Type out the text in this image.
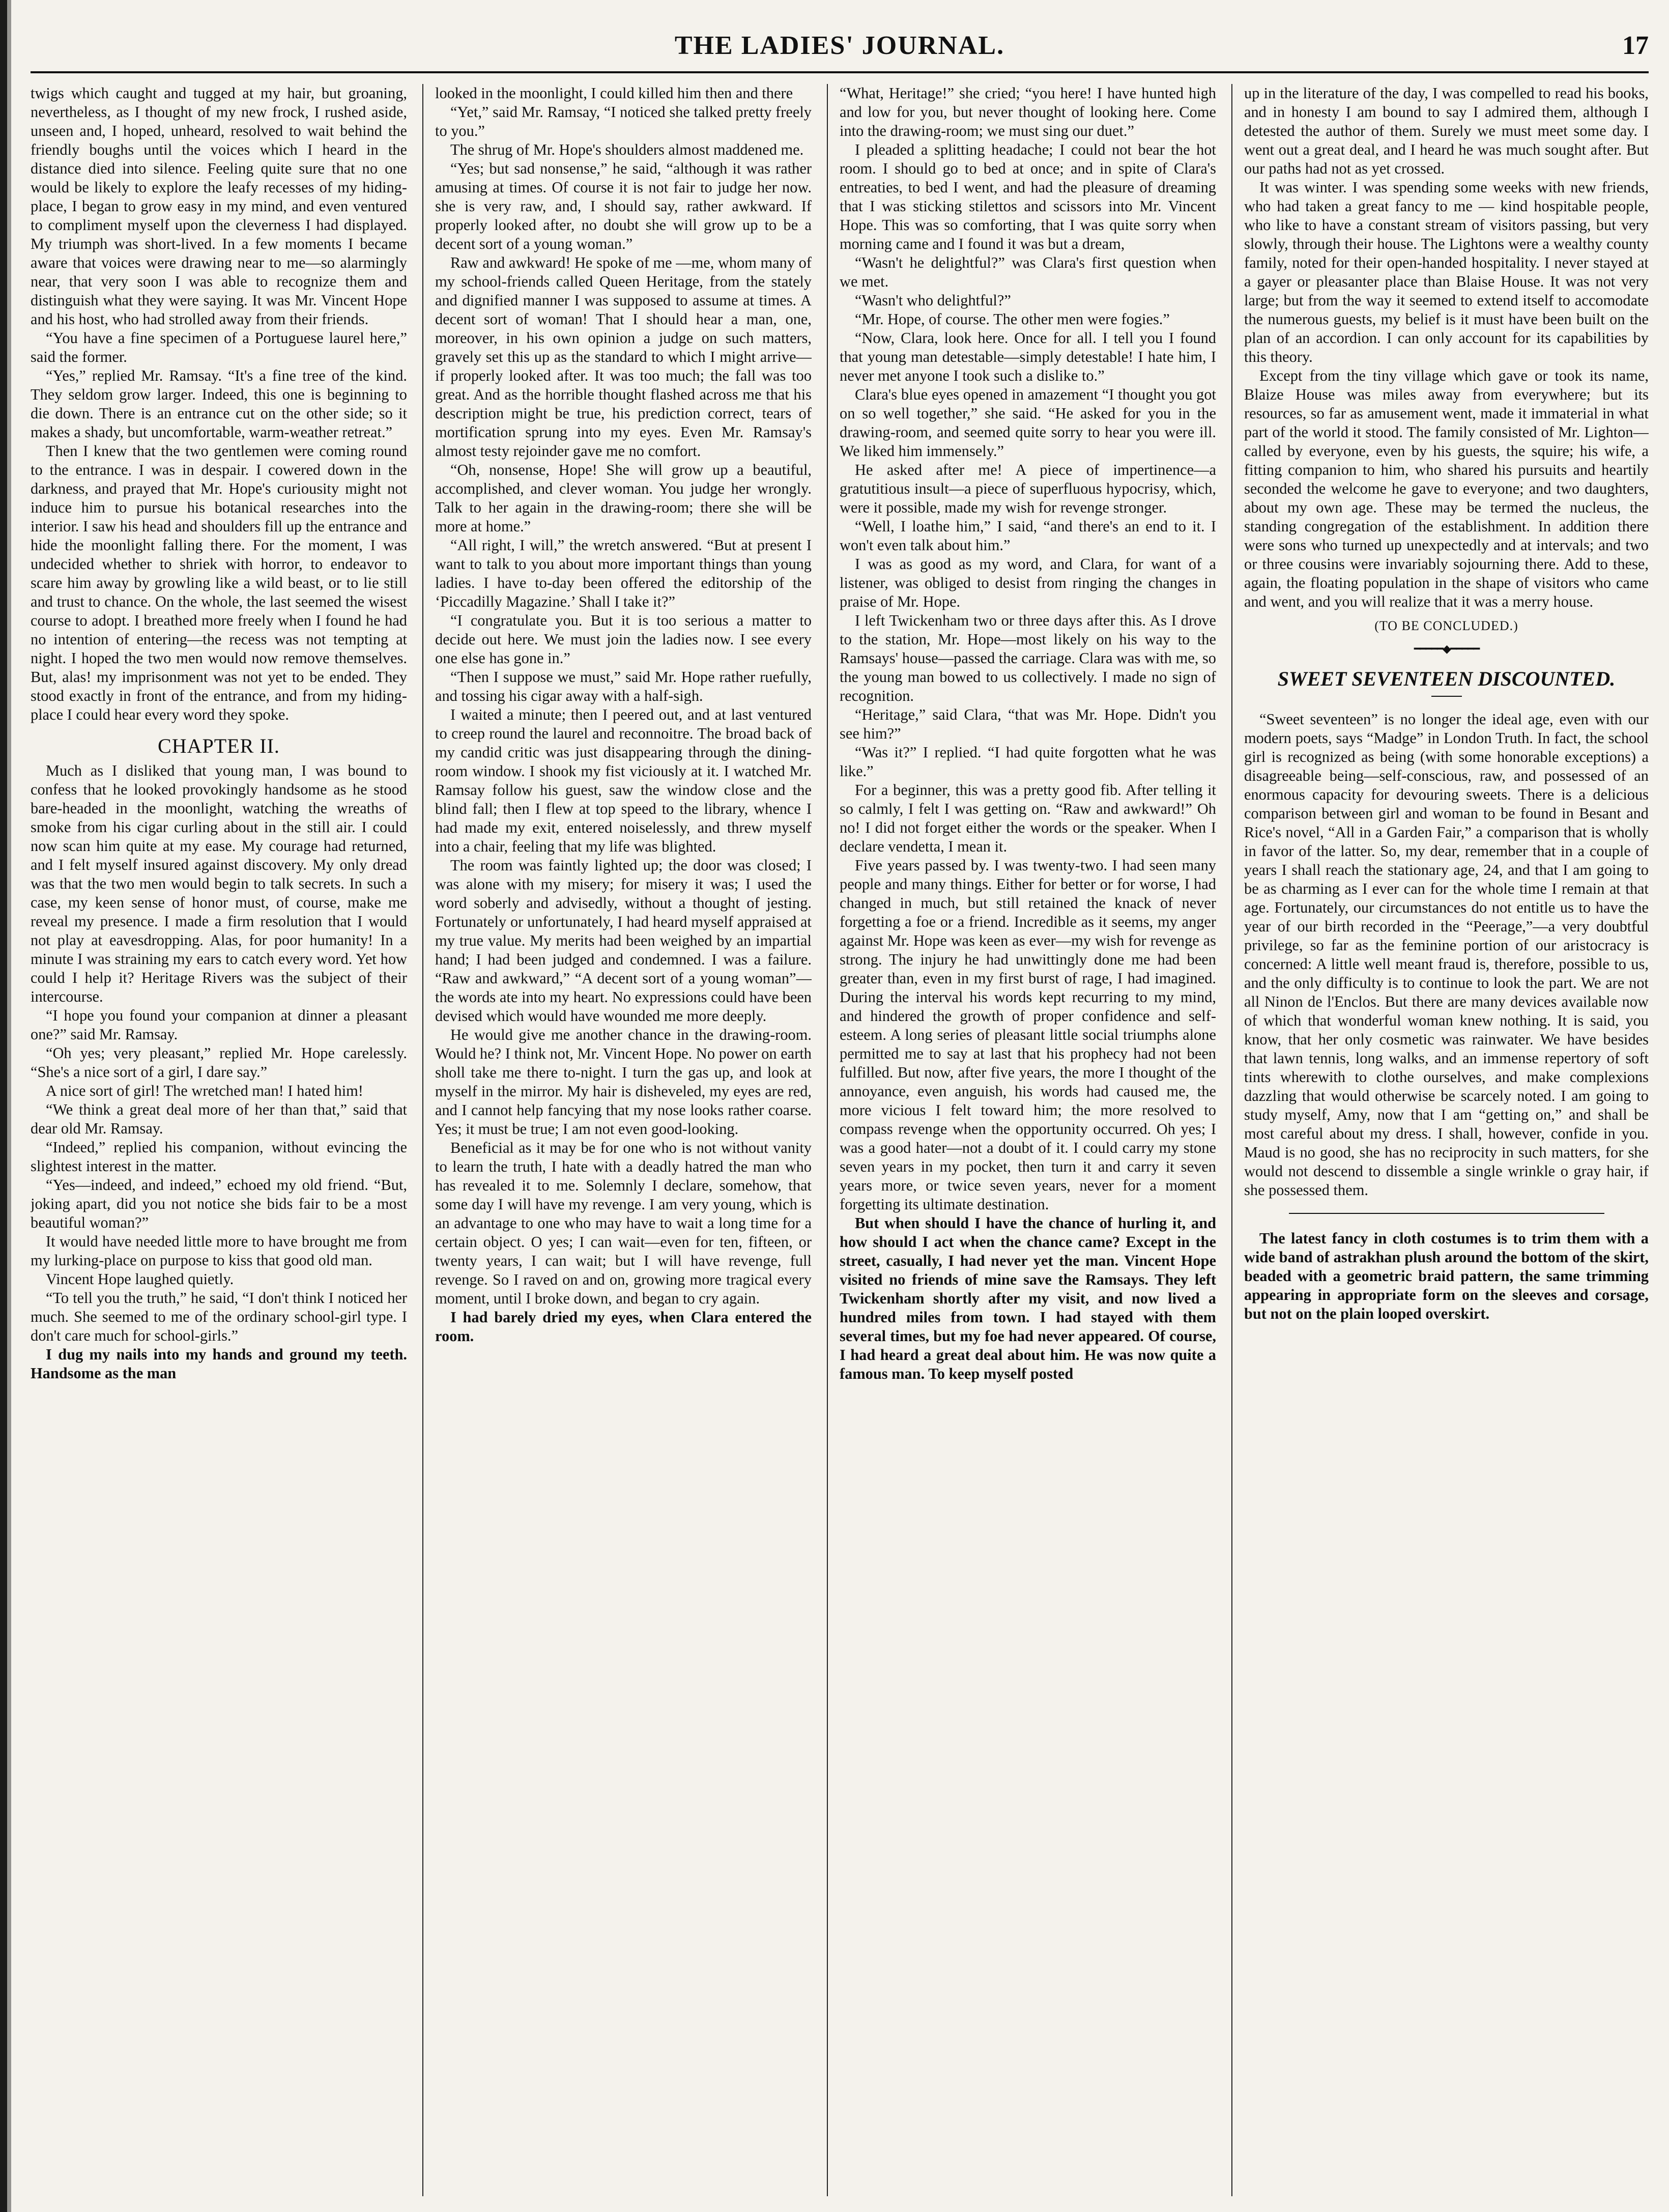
THE LADIES' JOURNAL.	17

twigs which caught and tugged at my hair, but groaning, nevertheless, as I thought of my new frock, I rushed aside, unseen and, I hoped, unheard, resolved to wait behind the friendly boughs until the voices which I heard in the distance died into silence. Feeling quite sure that no one would be likely to explore the leafy recesses of my hiding-place, I began to grow easy in my mind, and even ventured to compliment myself upon the cleverness I had displayed. My triumph was short-lived. In a few moments I became aware that voices were drawing near to me—so alarmingly near, that very soon I was able to recognize them and distinguish what they were saying. It was Mr. Vincent Hope and his host, who had strolled away from their friends.

“You have a fine specimen of a Portuguese laurel here,” said the former.

“Yes,” replied Mr. Ramsay. “It's a fine tree of the kind. They seldom grow larger. Indeed, this one is beginning to die down. There is an entrance cut on the other side; so it makes a shady, but uncomfortable, warm-weather retreat.”

Then I knew that the two gentlemen were coming round to the entrance. I was in despair. I cowered down in the darkness, and prayed that Mr. Hope's curiousity might not induce him to pursue his botanical researches into the interior. I saw his head and shoulders fill up the entrance and hide the moonlight falling there. For the moment, I was undecided whether to shriek with horror, to endeavor to scare him away by growling like a wild beast, or to lie still and trust to chance. On the whole, the last seemed the wisest course to adopt. I breathed more freely when I found he had no intention of entering—the recess was not tempting at night. I hoped the two men would now remove themselves. But, alas! my imprisonment was not yet to be ended. They stood exactly in front of the entrance, and from my hiding-place I could hear every word they spoke.

CHAPTER II.

Much as I disliked that young man, I was bound to confess that he looked provokingly handsome as he stood bare-headed in the moonlight, watching the wreaths of smoke from his cigar curling about in the still air. I could now scan him quite at my ease. My courage had returned, and I felt myself insured against discovery. My only dread was that the two men would begin to talk secrets. In such a case, my keen sense of honor must, of course, make me reveal my presence. I made a firm resolution that I would not play at eavesdropping. Alas, for poor humanity! In a minute I was straining my ears to catch every word. Yet how could I help it? Heritage Rivers was the subject of their intercourse.

“I hope you found your companion at dinner a pleasant one?” said Mr. Ramsay.

“Oh yes; very pleasant,” replied Mr. Hope carelessly. “She's a nice sort of a girl, I dare say.”

A nice sort of girl! The wretched man! I hated him!

“We think a great deal more of her than that,” said that dear old Mr. Ramsay.

“Indeed,” replied his companion, without evincing the slightest interest in the matter.

“Yes—indeed, and indeed,” echoed my old friend. “But, joking apart, did you not notice she bids fair to be a most beautiful woman?”

It would have needed little more to have brought me from my lurking-place on purpose to kiss that good old man.

Vincent Hope laughed quietly.

“To tell you the truth,” he said, “I don't think I noticed her much. She seemed to me of the ordinary school-girl type. I don't care much for school-girls.”

I dug my nails into my hands and ground my teeth. Handsome as the man

looked in the moonlight, I could killed him then and there

“Yet,” said Mr. Ramsay, “I noticed she talked pretty freely to you.”

The shrug of Mr. Hope's shoulders almost maddened me.

“Yes; but sad nonsense,” he said, “although it was rather amusing at times. Of course it is not fair to judge her now. she is very raw, and, I should say, rather awkward. If properly looked after, no doubt she will grow up to be a decent sort of a young woman.”

Raw and awkward! He spoke of me —me, whom many of my school-friends called Queen Heritage, from the stately and dignified manner I was supposed to assume at times. A decent sort of woman! That I should hear a man, one, moreover, in his own opinion a judge on such matters, gravely set this up as the standard to which I might arrive—if properly looked after. It was too much; the fall was too great. And as the horrible thought flashed across me that his description might be true, his prediction correct, tears of mortification sprung into my eyes. Even Mr. Ramsay's almost testy rejoinder gave me no comfort.

“Oh, nonsense, Hope! She will grow up a beautiful, accomplished, and clever woman. You judge her wrongly. Talk to her again in the drawing-room; there she will be more at home.”

“All right, I will,” the wretch answered. “But at present I want to talk to you about more important things than young ladies. I have to-day been offered the editorship of the ‘Piccadilly Magazine.’ Shall I take it?”

“I congratulate you. But it is too serious a matter to decide out here. We must join the ladies now. I see every one else has gone in.”

“Then I suppose we must,” said Mr. Hope rather ruefully, and tossing his cigar away with a half-sigh.

I waited a minute; then I peered out, and at last ventured to creep round the laurel and reconnoitre. The broad back of my candid critic was just disappearing through the dining-room window. I shook my fist viciously at it. I watched Mr. Ramsay follow his guest, saw the window close and the blind fall; then I flew at top speed to the library, whence I had made my exit, entered noiselessly, and threw myself into a chair, feeling that my life was blighted.

The room was faintly lighted up; the door was closed; I was alone with my misery; for misery it was; I used the word soberly and advisedly, without a thought of jesting. Fortunately or unfortunately, I had heard myself appraised at my true value. My merits had been weighed by an impartial hand; I had been judged and condemned. I was a failure. “Raw and awkward,” “A decent sort of a young woman”—the words ate into my heart. No expressions could have been devised which would have wounded me more deeply.

He would give me another chance in the drawing-room. Would he? I think not, Mr. Vincent Hope. No power on earth sholl take me there to-night. I turn the gas up, and look at myself in the mirror. My hair is disheveled, my eyes are red, and I cannot help fancying that my nose looks rather coarse. Yes; it must be true; I am not even good-looking.

Beneficial as it may be for one who is not without vanity to learn the truth, I hate with a deadly hatred the man who has revealed it to me. Solemnly I declare, somehow, that some day I will have my revenge. I am very young, which is an advantage to one who may have to wait a long time for a certain object. O yes; I can wait—even for ten, fifteen, or twenty years, I can wait; but I will have revenge, full revenge. So I raved on and on, growing more tragical every moment, until I broke down, and began to cry again.

I had barely dried my eyes, when Clara entered the room.

“What, Heritage!” she cried; “you here! I have hunted high and low for you, but never thought of looking here. Come into the drawing-room; we must sing our duet.”

I pleaded a splitting headache; I could not bear the hot room. I should go to bed at once; and in spite of Clara's entreaties, to bed I went, and had the pleasure of dreaming that I was sticking stilettos and scissors into Mr. Vincent Hope. This was so comforting, that I was quite sorry when morning came and I found it was but a dream,

“Wasn't he delightful?” was Clara's first question when we met.

“Wasn't who delightful?”

“Mr. Hope, of course. The other men were fogies.”

“Now, Clara, look here. Once for all. I tell you I found that young man detestable—simply detestable! I hate him, I never met anyone I took such a dislike to.”

Clara's blue eyes opened in amazement “I thought you got on so well together,” she said. “He asked for you in the drawing-room, and seemed quite sorry to hear you were ill. We liked him immensely.”

He asked after me! A piece of impertinence—a gratutitious insult—a piece of superfluous hypocrisy, which, were it possible, made my wish for revenge stronger.

“Well, I loathe him,” I said, “and there's an end to it. I won't even talk about him.”

I was as good as my word, and Clara, for want of a listener, was obliged to desist from ringing the changes in praise of Mr. Hope.

I left Twickenham two or three days after this. As I drove to the station, Mr. Hope—most likely on his way to the Ramsays' house—passed the carriage. Clara was with me, so the young man bowed to us collectively. I made no sign of recognition.

“Heritage,” said Clara, “that was Mr. Hope. Didn't you see him?”

“Was it?” I replied. “I had quite forgotten what he was like.”

For a beginner, this was a pretty good fib. After telling it so calmly, I felt I was getting on. “Raw and awkward!” Oh no! I did not forget either the words or the speaker. When I declare vendetta, I mean it.

Five years passed by. I was twenty-two. I had seen many people and many things. Either for better or for worse, I had changed in much, but still retained the knack of never forgetting a foe or a friend. Incredible as it seems, my anger against Mr. Hope was keen as ever—my wish for revenge as strong. The injury he had unwittingly done me had been greater than, even in my first burst of rage, I had imagined. During the interval his words kept recurring to my mind, and hindered the growth of proper confidence and self-esteem. A long series of pleasant little social triumphs alone permitted me to say at last that his prophecy had not been fulfilled. But now, after five years, the more I thought of the annoyance, even anguish, his words had caused me, the more vicious I felt toward him; the more resolved to compass revenge when the opportunity occurred. Oh yes; I was a good hater—not a doubt of it. I could carry my stone seven years in my pocket, then turn it and carry it seven years more, or twice seven years, never for a moment forgetting its ultimate destination.

But when should I have the chance of hurling it, and how should I act when the chance came? Except in the street, casually, I had never yet the man. Vincent Hope visited no friends of mine save the Ramsays. They left Twickenham shortly after my visit, and now lived a hundred miles from town. I had stayed with them several times, but my foe had never appeared. Of course, I had heard a great deal about him. He was now quite a famous man. To keep myself posted

up in the literature of the day, I was compelled to read his books, and in honesty I am bound to say I admired them, although I detested the author of them. Surely we must meet some day. I went out a great deal, and I heard he was much sought after. But our paths had not as yet crossed.

It was winter. I was spending some weeks with new friends, who had taken a great fancy to me — kind hospitable people, who like to have a constant stream of visitors passing, but very slowly, through their house. The Lightons were a wealthy county family, noted for their open-handed hospitality. I never stayed at a gayer or pleasanter place than Blaise House. It was not very large; but from the way it seemed to extend itself to accomodate the numerous guests, my belief is it must have been built on the plan of an accordion. I can only account for its capabilities by this theory.

Except from the tiny village which gave or took its name, Blaize House was miles away from everywhere; but its resources, so far as amusement went, made it immaterial in what part of the world it stood. The family consisted of Mr. Lighton—called by everyone, even by his guests, the squire; his wife, a fitting companion to him, who shared his pursuits and heartily seconded the welcome he gave to everyone; and two daughters, about my own age. These may be termed the nucleus, the standing congregation of the establishment. In addition there were sons who turned up unexpectedly and at intervals; and two or three cousins were invariably sojourning there. Add to these, again, the floating population in the shape of visitors who came and went, and you will realize that it was a merry house.

(TO BE CONCLUDED.)
━━━━━◆━━━━━
SWEET SEVENTEEN DISCOUNTED.

“Sweet seventeen” is no longer the ideal age, even with our modern poets, says “Madge” in London Truth. In fact, the school girl is recognized as being (with some honorable exceptions) a disagreeable being—self-conscious, raw, and possessed of an enormous capacity for devouring sweets. There is a delicious comparison between girl and woman to be found in Besant and Rice's novel, “All in a Garden Fair,” a comparison that is wholly in favor of the latter. So, my dear, remember that in a couple of years I shall reach the stationary age, 24, and that I am going to be as charming as I ever can for the whole time I remain at that age. Fortunately, our circumstances do not entitle us to have the year of our birth recorded in the “Peerage,”—a very doubtful privilege, so far as the feminine portion of our aristocracy is concerned: A little well meant fraud is, therefore, possible to us, and the only difficulty is to continue to look the part. We are not all Ninon de l'Enclos. But there are many devices available now of which that wonderful woman knew nothing. It is said, you know, that her only cosmetic was rainwater. We have besides that lawn tennis, long walks, and an immense repertory of soft tints wherewith to clothe ourselves, and make complexions dazzling that would otherwise be scarcely noted. I am going to study myself, Amy, now that I am “getting on,” and shall be most careful about my dress. I shall, however, confide in you. Maud is no good, she has no reciprocity in such matters, for she would not descend to dissemble a single wrinkle o gray hair, if she possessed them.

The latest fancy in cloth costumes is to trim them with a wide band of astrakhan plush around the bottom of the skirt, beaded with a geometric braid pattern, the same trimming appearing in appropriate form on the sleeves and corsage, but not on the plain looped overskirt.
